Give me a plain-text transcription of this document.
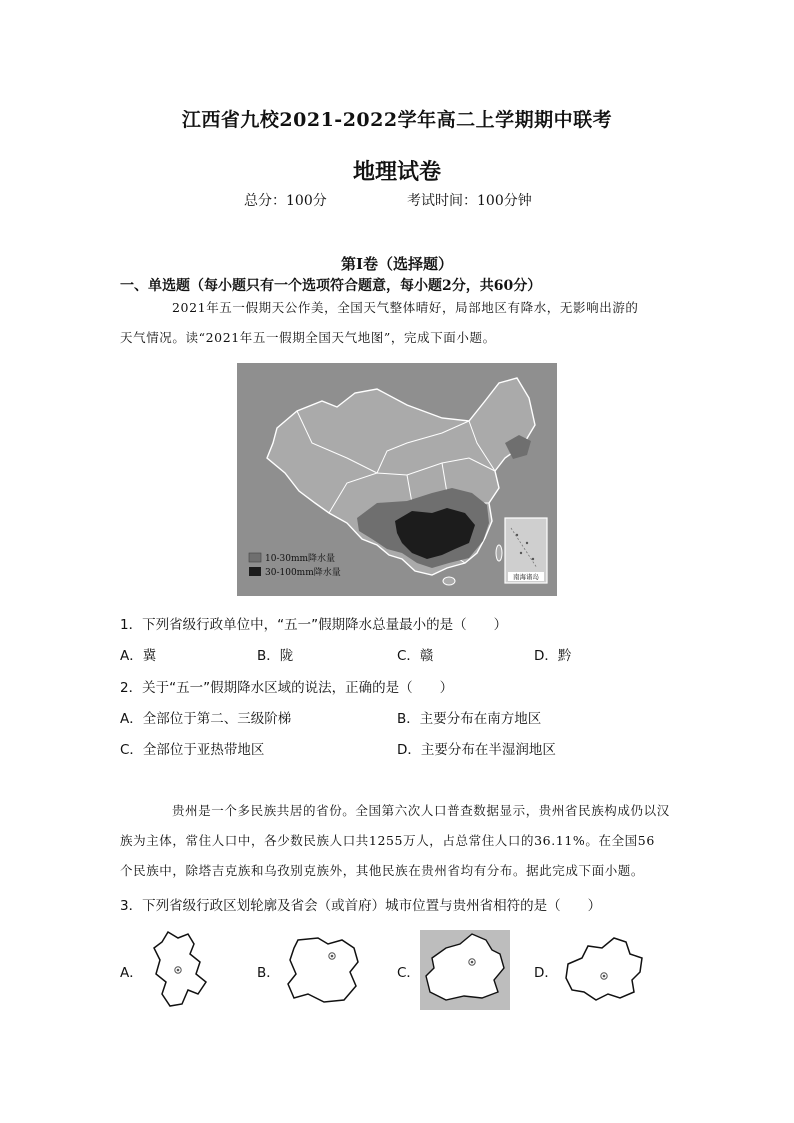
江西省九校2021-2022学年高二上学期期中联考
地理试卷
总分：100分	考试时间：100分钟
第I卷（选择题）
一、单选题（每小题只有一个选项符合题意，每小题2分，共60分）
2021年五一假期天公作美，全国天气整体晴好，局部地区有降水，无影响出游的
天气情况。读“2021年五一假期全国天气地图”，完成下面小题。
南海诸岛
10-30mm降水量
30-100mm降水量
1．下列省级行政单位中，“五一”假期降水总量最小的是（　　）
A．冀	B．陇	C．赣	D．黔
2．关于“五一”假期降水区域的说法，正确的是（　　）
A．全部位于第二、三级阶梯	B．主要分布在南方地区
C．全部位于亚热带地区	D．主要分布在半湿润地区
贵州是一个多民族共居的省份。全国第六次人口普查数据显示，贵州省民族构成仍以汉
族为主体，常住人口中，各少数民族人口共1255万人，占总常住人口的36.11%。在全国56
个民族中，除塔吉克族和乌孜别克族外，其他民族在贵州省均有分布。据此完成下面小题。
3．下列省级行政区划轮廓及省会（或首府）城市位置与贵州省相符的是（　　）
A．	B．	C．	D．
